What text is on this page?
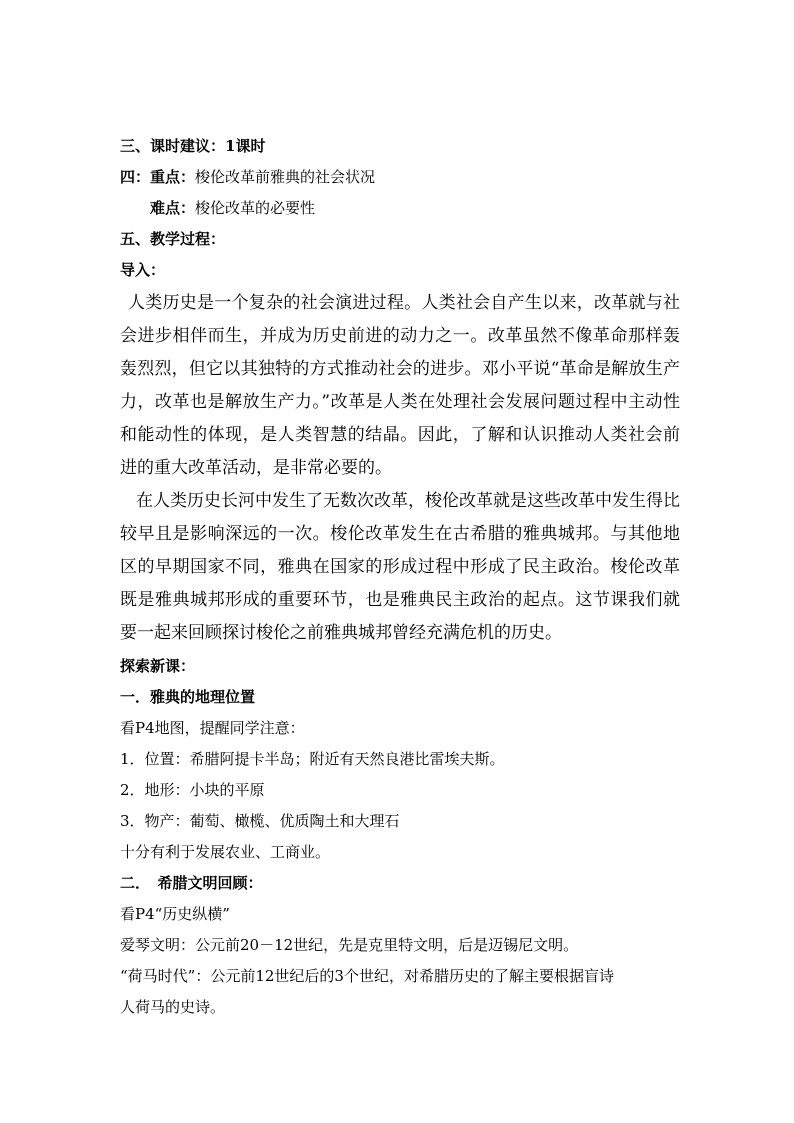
三、课时建议：1课时
四：重点：梭伦改革前雅典的社会状况
难点：梭伦改革的必要性
五、教学过程：
导入：
人类历史是一个复杂的社会演进过程。人类社会自产生以来，改革就与社会进步相伴而生，并成为历史前进的动力之一。改革虽然不像革命那样轰轰烈烈，但它以其独特的方式推动社会的进步。邓小平说“革命是解放生产力，改革也是解放生产力。”改革是人类在处理社会发展问题过程中主动性和能动性的体现，是人类智慧的结晶。因此，了解和认识推动人类社会前进的重大改革活动，是非常必要的。
在人类历史长河中发生了无数次改革，梭伦改革就是这些改革中发生得比较早且是影响深远的一次。梭伦改革发生在古希腊的雅典城邦。与其他地区的早期国家不同，雅典在国家的形成过程中形成了民主政治。梭伦改革既是雅典城邦形成的重要环节，也是雅典民主政治的起点。这节课我们就要一起来回顾探讨梭伦之前雅典城邦曾经充满危机的历史。
探索新课：
一．雅典的地理位置
看P4地图，提醒同学注意：
1．位置：希腊阿提卡半岛；附近有天然良港比雷埃夫斯。
2．地形：小块的平原
3．物产：葡萄、橄榄、优质陶土和大理石
十分有利于发展农业、工商业。
二．　希腊文明回顾：
看P4“历史纵横”
爱琴文明：公元前20－12世纪，先是克里特文明，后是迈锡尼文明。
“荷马时代”：公元前12世纪后的3个世纪，对希腊历史的了解主要根据盲诗
人荷马的史诗。
